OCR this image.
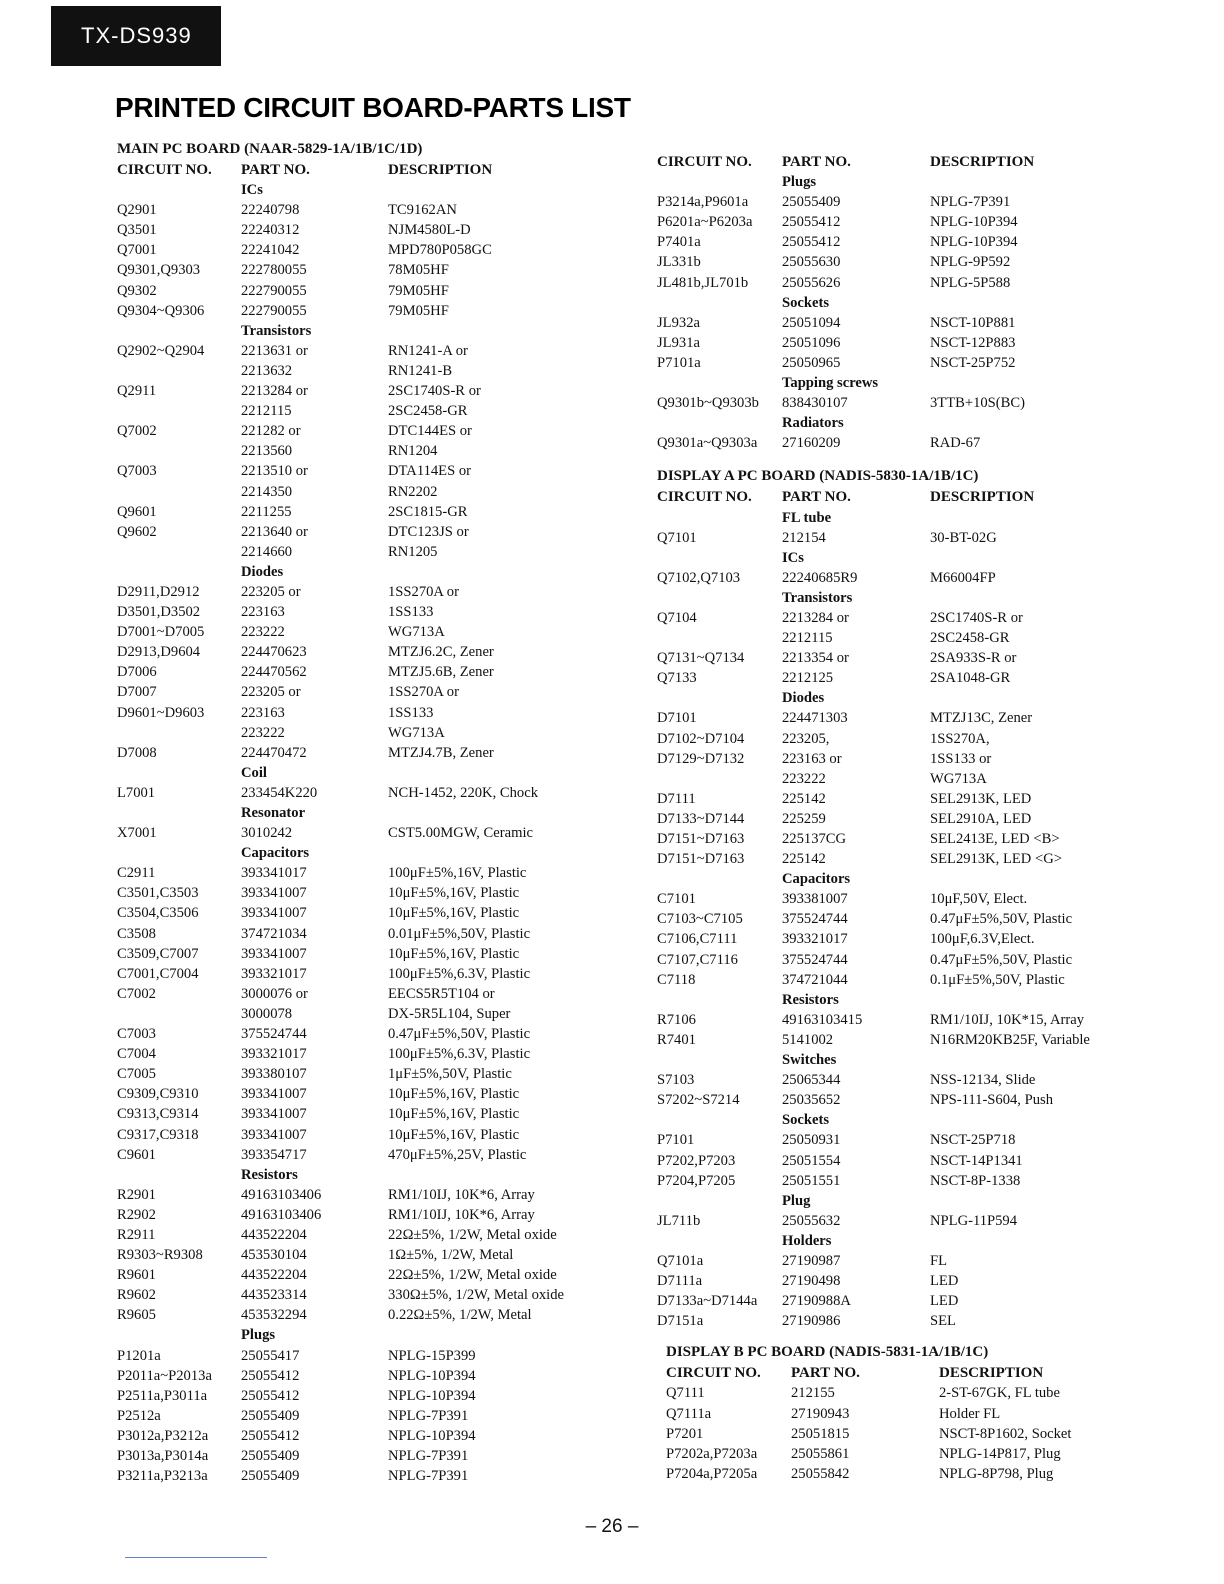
TX-DS939
PRINTED CIRCUIT BOARD-PARTS LIST
MAIN PC BOARD (NAAR-5829-1A/1B/1C/1D)
CIRCUIT NO. PART NO.	DESCRIPTION
ICs
Q2901	22240798	TC9162AN
Q3501	22240312	NJM4580L-D
Q7001	22241042	MPD780P058GC
Q9301,Q9303	222780055	78M05HF
Q9302	222790055	79M05HF
Q9304~Q9306	222790055	79M05HF
Transistors
Q2902~Q2904	2213631 or	RN1241-A or
2213632	RN1241-B
Q2911	2213284 or	2SC1740S-R or
2212115	2SC2458-GR
Q7002	221282 or	DTC144ES or
2213560	RN1204
Q7003	2213510 or	DTA114ES or
2214350	RN2202
Q9601	2211255	2SC1815-GR
Q9602	2213640 or	DTC123JS or
2214660	RN1205
Diodes
D2911,D2912	223205 or	1SS270A or
D3501,D3502	223163	1SS133
D7001~D7005	223222	WG713A
D2913,D9604	224470623	MTZJ6.2C, Zener
D7006	224470562	MTZJ5.6B, Zener
D7007	223205 or	1SS270A or
D9601~D9603	223163	1SS133
223222	WG713A
D7008	224470472	MTZJ4.7B, Zener
Coil
L7001	233454K220	NCH-1452, 220K, Chock
Resonator
X7001	3010242	CST5.00MGW, Ceramic
Capacitors
C2911	393341017	100μF±5%,16V, Plastic
C3501,C3503	393341007	10μF±5%,16V, Plastic
C3504,C3506	393341007	10μF±5%,16V, Plastic
C3508	374721034	0.01μF±5%,50V, Plastic
C3509,C7007	393341007	10μF±5%,16V, Plastic
C7001,C7004	393321017	100μF±5%,6.3V, Plastic
C7002	3000076 or	EECS5R5T104 or
3000078	DX-5R5L104, Super
C7003	375524744	0.47μF±5%,50V, Plastic
C7004	393321017	100μF±5%,6.3V, Plastic
C7005	393380107	1μF±5%,50V, Plastic
C9309,C9310	393341007	10μF±5%,16V, Plastic
C9313,C9314	393341007	10μF±5%,16V, Plastic
C9317,C9318	393341007	10μF±5%,16V, Plastic
C9601	393354717	470μF±5%,25V, Plastic
Resistors
R2901	49163103406	RM1/10IJ, 10K*6, Array
R2902	49163103406	RM1/10IJ, 10K*6, Array
R2911	443522204	22Ω±5%, 1/2W, Metal oxide
R9303~R9308	453530104	1Ω±5%, 1/2W, Metal
R9601	443522204	22Ω±5%, 1/2W, Metal oxide
R9602	443523314	330Ω±5%, 1/2W, Metal oxide
R9605	453532294	0.22Ω±5%, 1/2W, Metal
Plugs
P1201a	25055417	NPLG-15P399
P2011a~P2013a 25055412	NPLG-10P394
P2511a,P3011a 25055412	NPLG-10P394
P2512a	25055409	NPLG-7P391
P3012a,P3212a 25055412	NPLG-10P394
P3013a,P3014a 25055409	NPLG-7P391
P3211a,P3213a 25055409	NPLG-7P391
CIRCUIT NO. PART NO.	DESCRIPTION
Plugs
P3214a,P9601a 25055409	NPLG-7P391
P6201a~P6203a 25055412	NPLG-10P394
P7401a	25055412	NPLG-10P394
JL331b	25055630	NPLG-9P592
JL481b,JL701b 25055626	NPLG-5P588
Sockets
JL932a	25051094	NSCT-10P881
JL931a	25051096	NSCT-12P883
P7101a	25050965	NSCT-25P752
Tapping screws
Q9301b~Q9303b 838430107	3TTB+10S(BC)
Radiators
Q9301a~Q9303a 27160209	RAD-67
DISPLAY A PC BOARD (NADIS-5830-1A/1B/1C)
CIRCUIT NO. PART NO.	DESCRIPTION
FL tube
Q7101	212154	30-BT-02G
ICs
Q7102,Q7103	22240685R9	M66004FP
Transistors
Q7104	2213284 or	2SC1740S-R or
2212115	2SC2458-GR
Q7131~Q7134	2213354 or	2SA933S-R or
Q7133	2212125	2SA1048-GR
Diodes
D7101	224471303	MTZJ13C, Zener
D7102~D7104	223205,	1SS270A,
D7129~D7132	223163 or	1SS133 or
223222	WG713A
D7111	225142	SEL2913K, LED
D7133~D7144	225259	SEL2910A, LED
D7151~D7163	225137CG	SEL2413E, LED <B>
D7151~D7163	225142	SEL2913K, LED <G>
Capacitors
C7101	393381007	10μF,50V, Elect.
C7103~C7105	375524744	0.47μF±5%,50V, Plastic
C7106,C7111	393321017	100μF,6.3V,Elect.
C7107,C7116	375524744	0.47μF±5%,50V, Plastic
C7118	374721044	0.1μF±5%,50V, Plastic
Resistors
R7106	49163103415	RM1/10IJ, 10K*15, Array
R7401	5141002	N16RM20KB25F, Variable
Switches
S7103	25065344	NSS-12134, Slide
S7202~S7214	25035652	NPS-111-S604, Push
Sockets
P7101	25050931	NSCT-25P718
P7202,P7203	25051554	NSCT-14P1341
P7204,P7205	25051551	NSCT-8P-1338
Plug
JL711b	25055632	NPLG-11P594
Holders
Q7101a	27190987	FL
D7111a	27190498	LED
D7133a~D7144a 27190988A	LED
D7151a	27190986	SEL
DISPLAY B PC BOARD (NADIS-5831-1A/1B/1C)
CIRCUIT NO. PART NO.	DESCRIPTION
Q7111	212155	2-ST-67GK, FL tube
Q7111a	27190943	Holder FL
P7201	25051815	NSCT-8P1602, Socket
P7202a,P7203a 25055861	NPLG-14P817, Plug
P7204a,P7205a 25055842	NPLG-8P798, Plug

– 26 –
